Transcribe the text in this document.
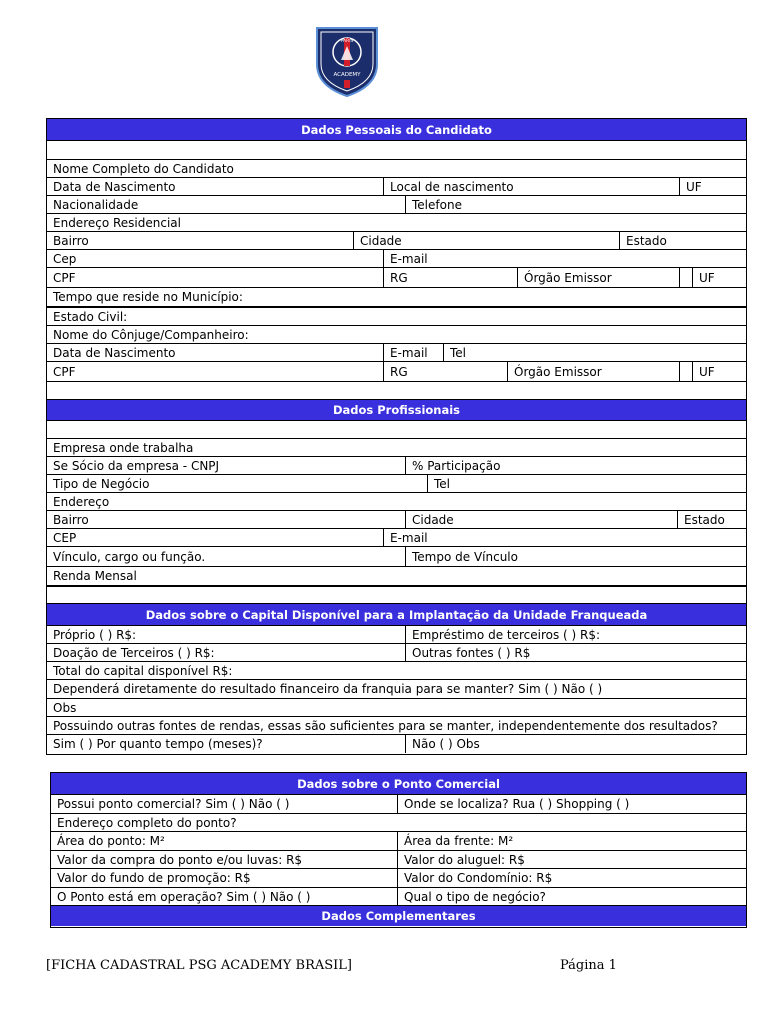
PARIS
ACADEMY
Dados Pessoais do Candidato
Nome Completo do Candidato
Data de Nascimento	Local de nascimento	UF
Nacionalidade	Telefone
Endereço Residencial
Bairro	Cidade	Estado
Cep	E-mail
CPF	RG	Órgão Emissor	UF
Tempo que reside no Município:
Estado Civil:
Nome do Cônjuge/Companheiro:
Data de Nascimento	E-mail	Tel
CPF	RG	Órgão Emissor	UF
Dados Profissionais
Empresa onde trabalha
Se Sócio da empresa - CNPJ	% Participação
Tipo de Negócio	Tel
Endereço
Bairro	Cidade	Estado
CEP	E-mail
Vínculo, cargo ou função.	Tempo de Vínculo
Renda Mensal
Dados sobre o Capital Disponível para a Implantação da Unidade Franqueada
Próprio ( ) R$:	Empréstimo de terceiros ( ) R$:
Doação de Terceiros ( ) R$:	Outras fontes ( ) R$
Total do capital disponível R$:
Dependerá diretamente do resultado financeiro da franquia para se manter? Sim ( ) Não ( )
Obs
Possuindo outras fontes de rendas, essas são suficientes para se manter, independentemente dos resultados?
Sim ( ) Por quanto tempo (meses)?	Não ( ) Obs
Dados sobre o Ponto Comercial
Possui ponto comercial? Sim ( ) Não ( )	Onde se localiza? Rua ( ) Shopping ( )
Endereço completo do ponto?
Área do ponto: M²	Área da frente: M²
Valor da compra do ponto e/ou luvas: R$	Valor do aluguel: R$
Valor do fundo de promoção: R$	Valor do Condomínio: R$
O Ponto está em operação? Sim ( ) Não ( )	Qual o tipo de negócio?
Dados Complementares
[FICHA CADASTRAL PSG ACADEMY BRASIL]	Página 1
